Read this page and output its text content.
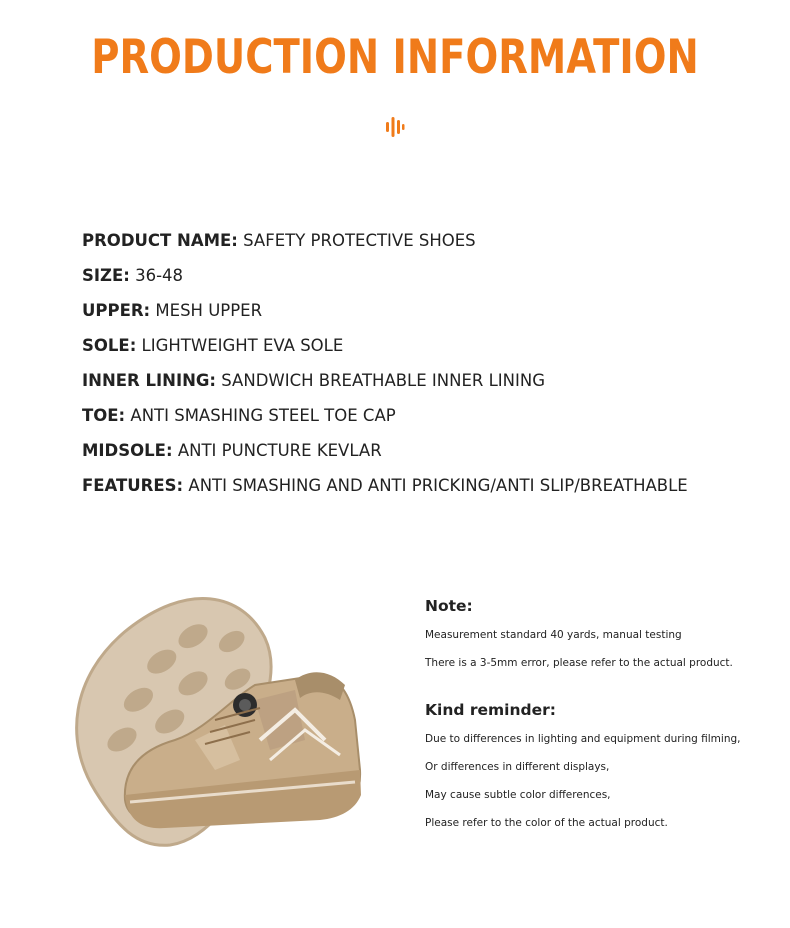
PRODUCTION INFORMATION
PRODUCT NAME: SAFETY PROTECTIVE SHOES
SIZE: 36-48
UPPER: MESH UPPER
SOLE: LIGHTWEIGHT EVA SOLE
INNER LINING: SANDWICH BREATHABLE INNER LINING
TOE: ANTI SMASHING STEEL TOE CAP
MIDSOLE: ANTI PUNCTURE KEVLAR
FEATURES: ANTI SMASHING AND ANTI PRICKING/ANTI SLIP/BREATHABLE
Note:

Measurement standard 40 yards, manual testing

There is a 3-5mm error, please refer to the actual product.

Kind reminder:

Due to differences in lighting and equipment during filming,

Or differences in different displays,

May cause subtle color differences,

Please refer to the color of the actual product.
